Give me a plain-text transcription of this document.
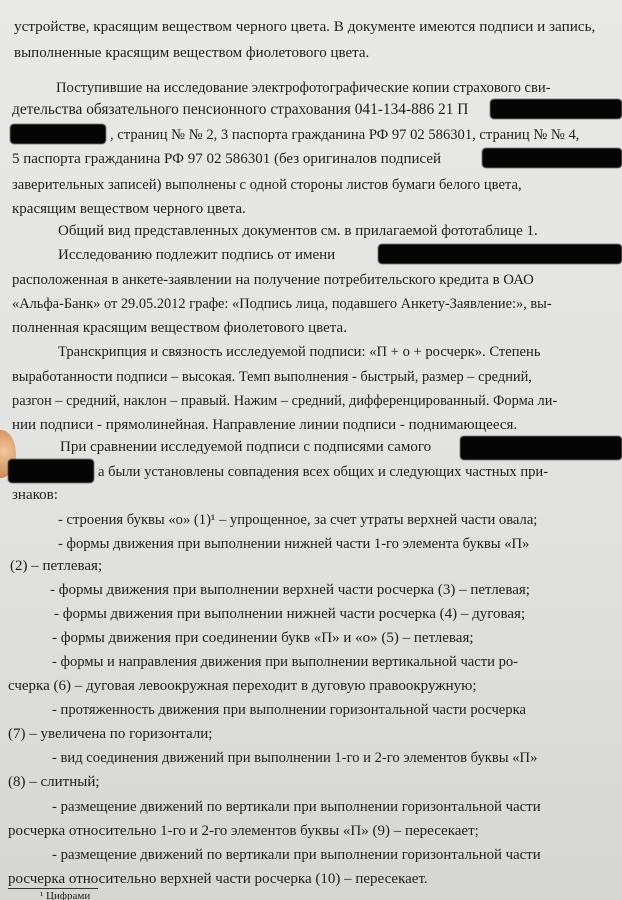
устройстве, красящим веществом черного цвета. В документе имеются подписи и запись,
выполненные красящим веществом фиолетового цвета.
Поступившие на исследование электрофотографические копии страхового сви-
детельства обязательного пенсионного страхования 041-134-886 21 П
, страниц № № 2, 3 паспорта гражданина РФ 97 02 586301, страниц № № 4,
5 паспорта гражданина РФ 97 02 586301 (без оригиналов подписей
заверительных записей) выполнены с одной стороны листов бумаги белого цвета,
красящим веществом черного цвета.
Общий вид представленных документов см. в прилагаемой фототаблице 1.
Исследованию подлежит подпись от имени
расположенная в анкете-заявлении на получение потребительского кредита в ОАО
«Альфа-Банк» от 29.05.2012 графе: «Подпись лица, подавшего Анкету-Заявление:», вы-
полненная красящим веществом фиолетового цвета.
Транскрипция и связность исследуемой подписи: «П + о + росчерк». Степень
выработанности подписи – высокая. Темп выполнения - быстрый, размер – средний,
разгон – средний, наклон – правый. Нажим – средний, дифференцированный. Форма ли-
нии подписи - прямолинейная. Направление линии подписи - поднимающееся.
При сравнении исследуемой подписи с подписями самого
а были установлены совпадения всех общих и следующих частных при-
знаков:
- строения буквы «о» (1)¹ – упрощенное, за счет утраты верхней части овала;
- формы движения при выполнении нижней части 1-го элемента буквы «П»
(2) – петлевая;
- формы движения при выполнении верхней части росчерка (3) – петлевая;
- формы движения при выполнении нижней части росчерка (4) – дуговая;
- формы движения при соединении букв «П» и «о» (5) – петлевая;
- формы и направления движения при выполнении вертикальной части ро-
счерка (6) – дуговая левоокружная переходит в дуговую правоокружную;
- протяженность движения при выполнении горизонтальной части росчерка
(7) – увеличена по горизонтали;
- вид соединения движений при выполнении 1-го и 2-го элементов буквы «П»
(8) – слитный;
- размещение движений по вертикали при выполнении горизонтальной части
росчерка относительно 1-го и 2-го элементов буквы «П» (9) – пересекает;
- размещение движений по вертикали при выполнении горизонтальной части
росчерка относительно верхней части росчерка (10) – пересекает.
¹ Цифрами
